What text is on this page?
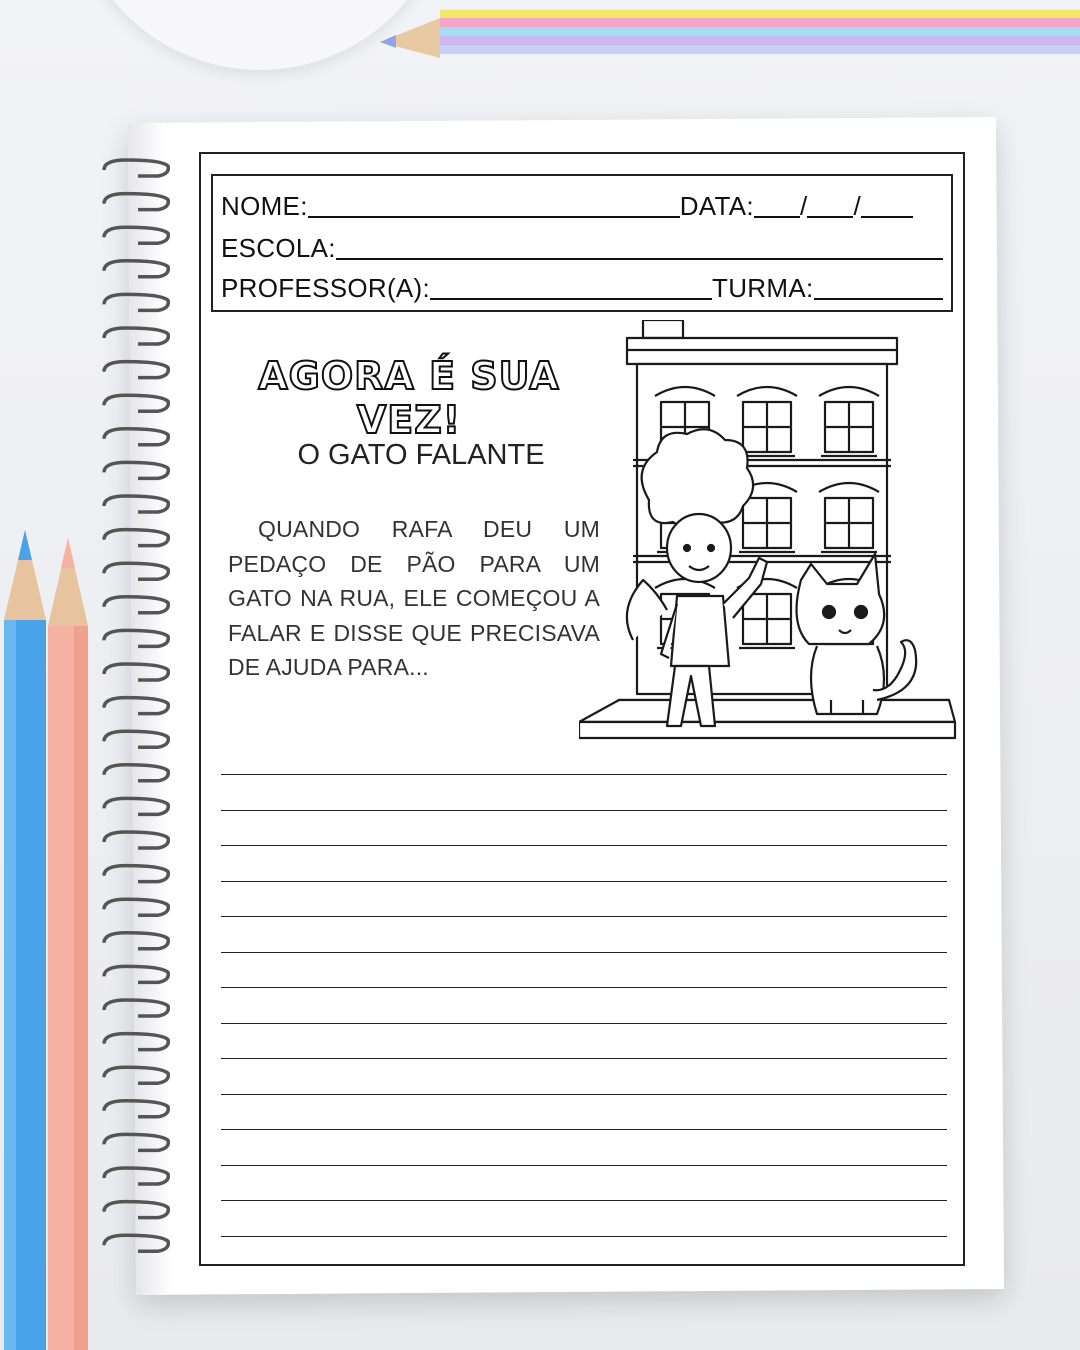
NOME:	DATA: / /
ESCOLA:
PROFESSOR(A):	TURMA:
AGORA É SUA VEZ!
O GATO FALANTE
QUANDO RAFA DEU UM PEDAÇO DE PÃO PARA UM GATO NA RUA, ELE COMEÇOU A FALAR E DISSE QUE PRECISAVA DE AJUDA PARA...
